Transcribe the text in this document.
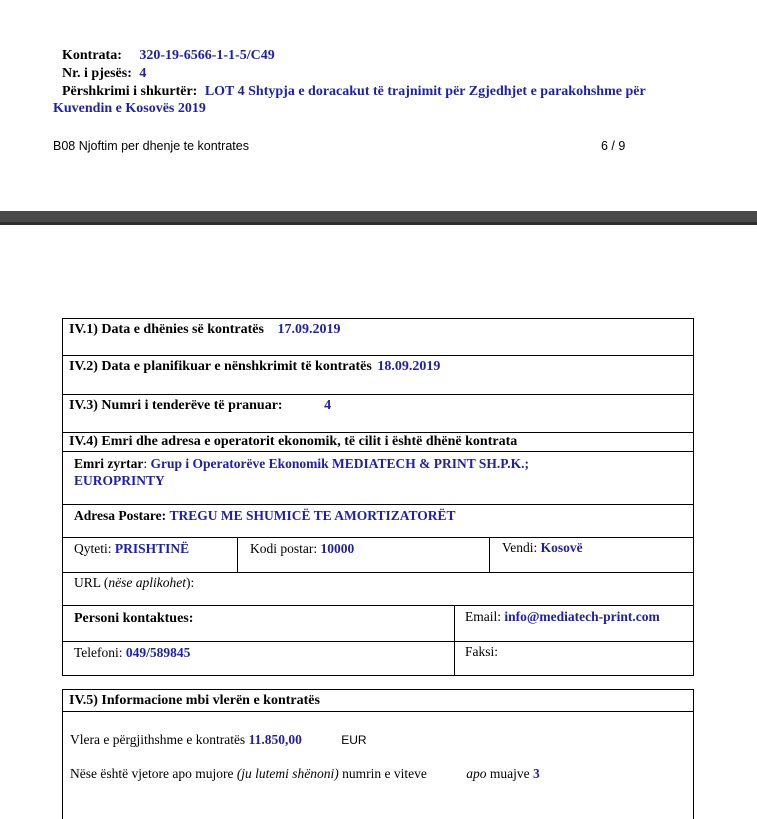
Kontrata: 320-19-6566-1-1-5/C49
Nr. i pjesës: 4
Përshkrimi i shkurtër: LOT 4 Shtypja e doracakut të trajnimit për Zgjedhjet e parakohshme për
Kuvendin e Kosovës 2019
B08 Njoftim per dhenje te kontrates	6 / 9
IV.1) Data e dhënies së kontratës 17.09.2019
IV.2) Data e planifikuar e nënshkrimit të kontratës 18.09.2019
IV.3) Numri i tenderëve të pranuar:	4
IV.4) Emri dhe adresa e operatorit ekonomik, të cilit i është dhënë kontrata
Emri zyrtar: Grup i Operatorëve Ekonomik MEDIATECH & PRINT SH.P.K.;
EUROPRINTY
Adresa Postare: TREGU ME SHUMICË TE AMORTIZATORËT
Qyteti: PRISHTINË	Kodi postar: 10000	Vendi: Kosovë
URL (nëse aplikohet):
Personi kontaktues:	Email: info@mediatech-print.com
Telefoni: 049/589845	Faksi:
IV.5) Informacione mbi vlerën e kontratës
Vlera e përgjithshme e kontratës 11.850,00	EUR
Nëse është vjetore apo mujore (ju lutemi shënoni) numrin e viteve	apo muajve 3
